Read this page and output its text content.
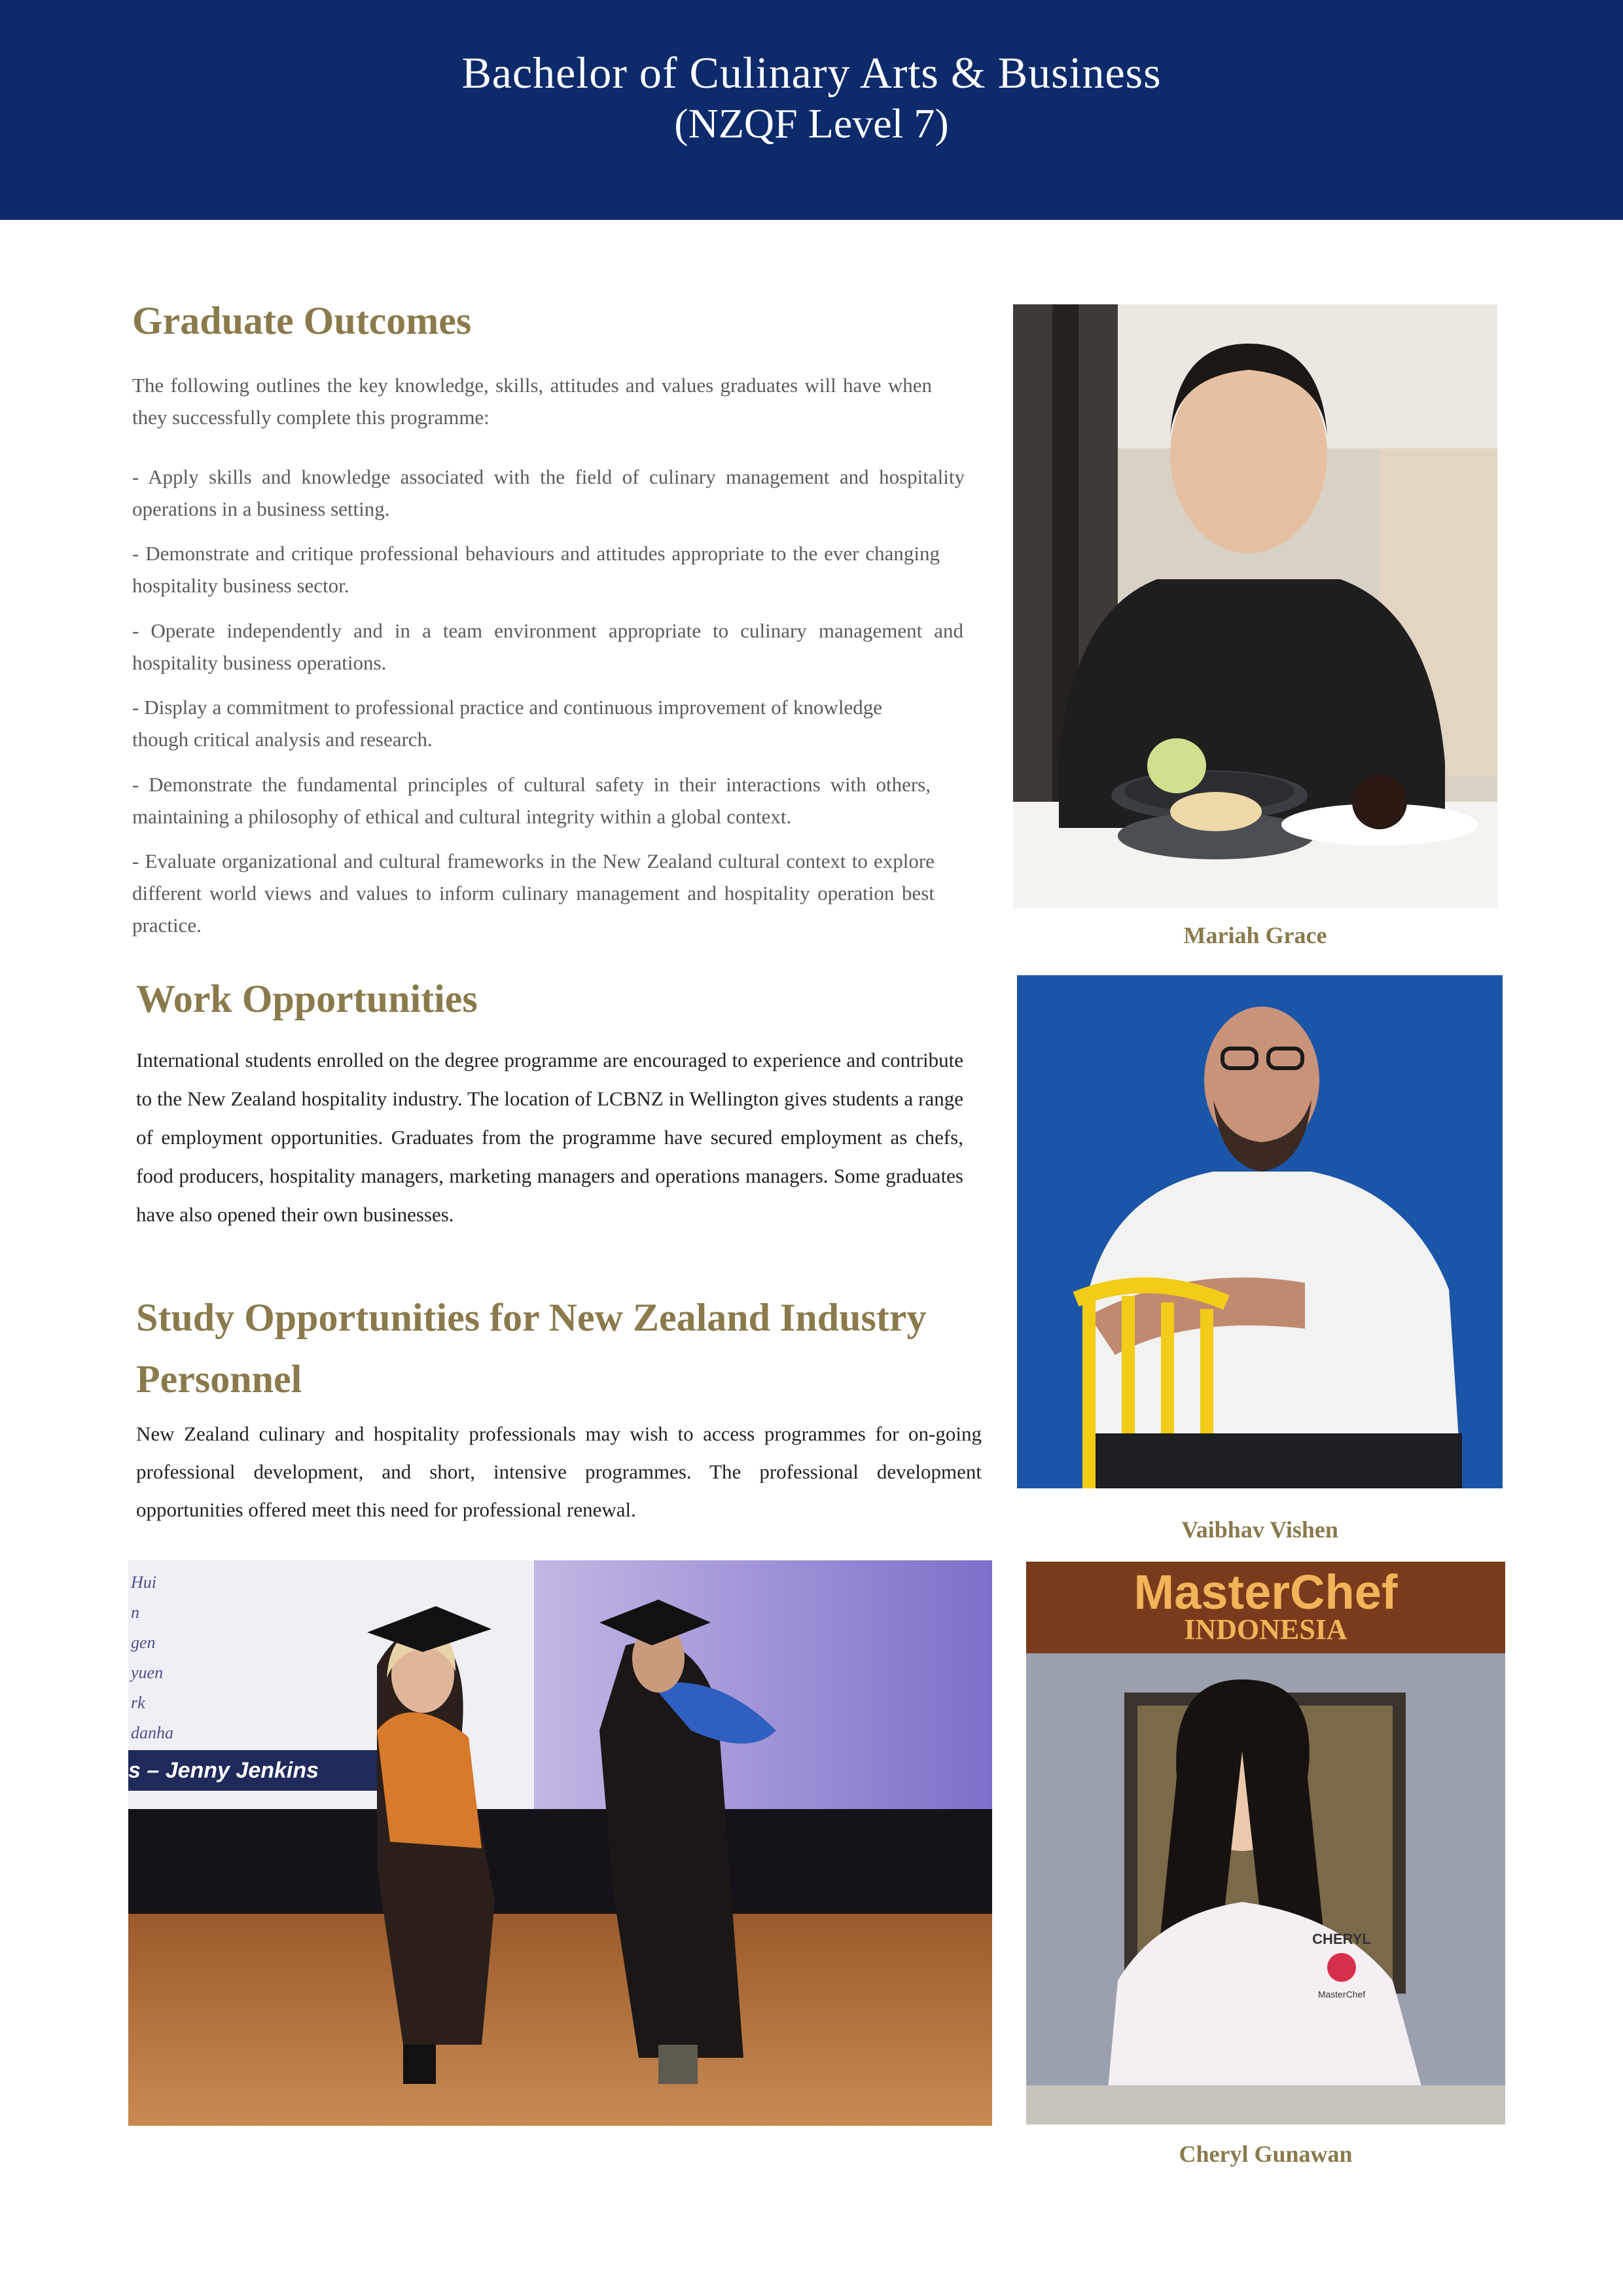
Bachelor of Culinary Arts & Business
(NZQF Level 7)
Graduate Outcomes

The following outlines the key knowledge, skills, attitudes and values graduates will have when they successfully complete this programme:

- Apply skills and knowledge associated with the field of culinary management and hospitality operations in a business setting.

- Demonstrate and critique professional behaviours and attitudes appropriate to the ever changing hospitality business sector.

- Operate independently and in a team environment appropriate to culinary management and hospitality business operations.

- Display a commitment to professional practice and continuous improvement of knowledge though critical analysis and research.

- Demonstrate the fundamental principles of cultural safety in their interactions with others, maintaining a philosophy of ethical and cultural integrity within a global context.

- Evaluate organizational and cultural frameworks in the New Zealand cultural context to explore different world views and values to inform culinary management and hospitality operation best practice.

Work Opportunities

International students enrolled on the degree programme are encouraged to experience and contribute to the New Zealand hospitality industry. The location of LCBNZ in Wellington gives students a range of employment opportunities. Graduates from the programme have secured employment as chefs, food producers, hospitality managers, marketing managers and operations managers. Some graduates have also opened their own businesses.

Study Opportunities for New Zealand Industry Personnel

New Zealand culinary and hospitality professionals may wish to access programmes for on-going professional development, and short, intensive programmes. The professional development opportunities offered meet this need for professional renewal.

Mariah Grace

Vaibhav Vishen

Hui
n
gen
yuen
rk
danha
s – Jenny Jenkins
MasterChef
INDONESIA
CHERYL
MasterChef

Cheryl Gunawan
